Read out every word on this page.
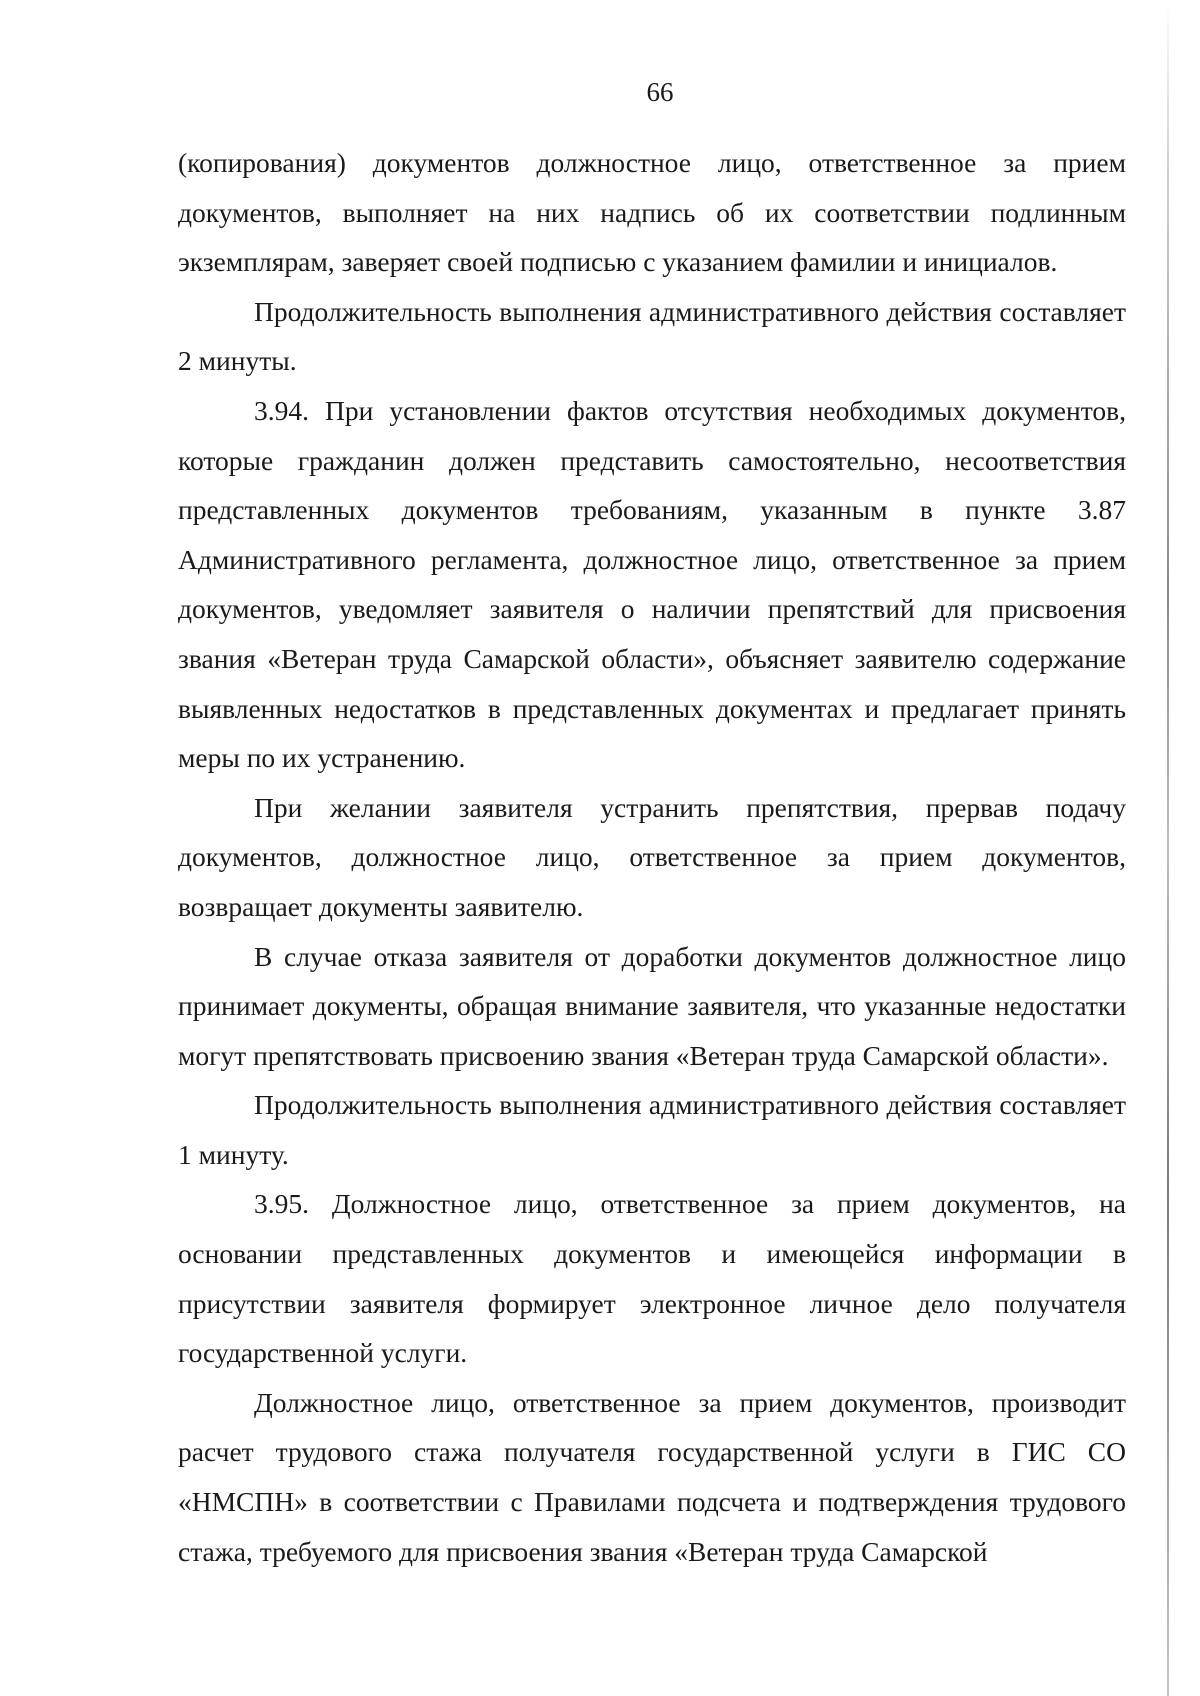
66

(копирования) документов должностное лицо, ответственное за прием документов, выполняет на них надпись об их соответствии подлинным экземплярам, заверяет своей подписью с указанием фамилии и инициалов.

Продолжительность выполнения административного действия составляет 2 минуты.

3.94. При установлении фактов отсутствия необходимых документов, которые гражданин должен представить самостоятельно, несоответствия представленных документов требованиям, указанным в пункте 3.87 Административного регламента, должностное лицо, ответственное за прием документов, уведомляет заявителя о наличии препятствий для присвоения звания «Ветеран труда Самарской области», объясняет заявителю содержание выявленных недостатков в представленных документах и предлагает принять меры по их устранению.

При желании заявителя устранить препятствия, прервав подачу документов, должностное лицо, ответственное за прием документов, возвращает документы заявителю.

В случае отказа заявителя от доработки документов должностное лицо принимает документы, обращая внимание заявителя, что указанные недостатки могут препятствовать присвоению звания «Ветеран труда Самарской области».

Продолжительность выполнения административного действия составляет 1 минуту.

3.95. Должностное лицо, ответственное за прием документов, на основании представленных документов и имеющейся информации в присутствии заявителя формирует электронное личное дело получателя государственной услуги.

Должностное лицо, ответственное за прием документов, производит расчет трудового стажа получателя государственной услуги в ГИС СО «НМСПН» в соответствии с Правилами подсчета и подтверждения трудового стажа, требуемого для присвоения звания «Ветеран труда Самарской
